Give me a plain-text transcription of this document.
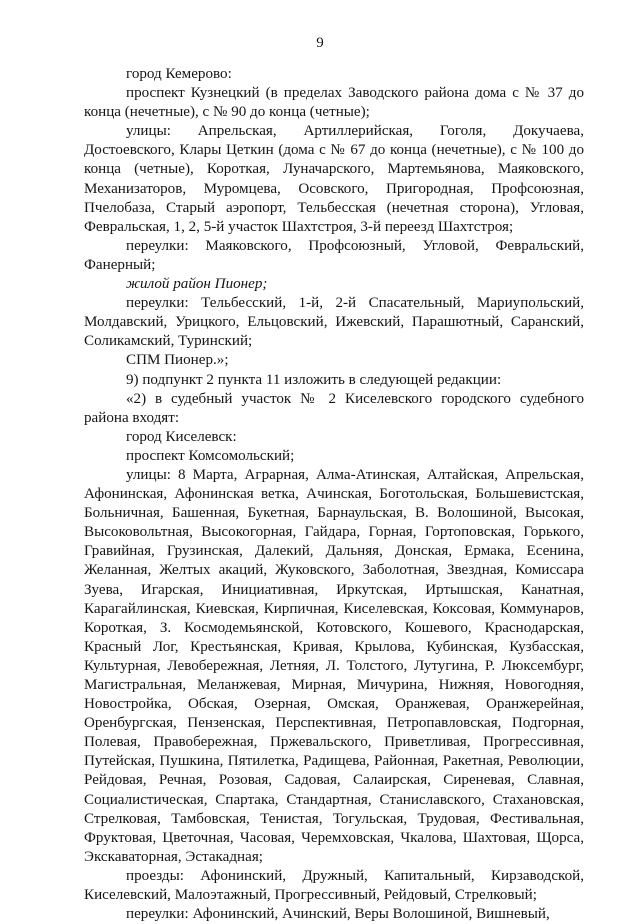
9

город Кемерово:

проспект Кузнецкий (в пределах Заводского района дома с № 37 до конца (нечетные), с № 90 до конца (четные);

улицы: Апрельская, Артиллерийская, Гоголя, Докучаева, Достоевского, Клары Цеткин (дома с № 67 до конца (нечетные), с № 100 до конца (четные), Короткая, Луначарского, Мартемьянова, Маяковского, Механизаторов, Муромцева, Осовского, Пригородная, Профсоюзная, Пчелобаза, Старый аэропорт, Тельбесская (нечетная сторона), Угловая, Февральская, 1, 2, 5-й участок Шахтстроя, 3-й переезд Шахтстроя;

переулки: Маяковского, Профсоюзный, Угловой, Февральский, Фанерный;

жилой район Пионер;

переулки: Тельбесский, 1-й, 2-й Спасательный, Мариупольский, Молдавский, Урицкого, Ельцовский, Ижевский, Парашютный, Саранский, Соликамский, Туринский;

СПМ Пионер.»;

9) подпункт 2 пункта 11 изложить в следующей редакции:

«2) в судебный участок № 2 Киселевского городского судебного района входят:

город Киселевск:

проспект Комсомольский;

улицы: 8 Марта, Аграрная, Алма-Атинская, Алтайская, Апрельская, Афонинская, Афонинская ветка, Ачинская, Боготольская, Большевистская, Больничная, Башенная, Букетная, Барнаульская, В. Волошиной, Высокая, Высоковольтная, Высокогорная, Гайдара, Горная, Гортоповская, Горького, Гравийная, Грузинская, Далекий, Дальняя, Донская, Ермака, Есенина, Желанная, Желтых акаций, Жуковского, Заболотная, Звездная, Комиссара Зуева, Игарская, Инициативная, Иркутская, Иртышская, Канатная, Карагайлинская, Киевская, Кирпичная, Киселевская, Коксовая, Коммунаров, Короткая, З. Космодемьянской, Котовского, Кошевого, Краснодарская, Красный Лог, Крестьянская, Кривая, Крылова, Кубинская, Кузбасская, Культурная, Левобережная, Летняя, Л. Толстого, Лутугина, Р. Люксембург, Магистральная, Меланжевая, Мирная, Мичурина, Нижняя, Новогодняя, Новостройка, Обская, Озерная, Омская, Оранжевая, Оранжерейная, Оренбургская, Пензенская, Перспективная, Петропавловская, Подгорная, Полевая, Правобережная, Пржевальского, Приветливая, Прогрессивная, Путейская, Пушкина, Пятилетка, Радищева, Районная, Ракетная, Революции, Рейдовая, Речная, Розовая, Садовая, Салаирская, Сиреневая, Славная, Социалистическая, Спартака, Стандартная, Станиславского, Стахановская, Стрелковая, Тамбовская, Тенистая, Тогульская, Трудовая, Фестивальная, Фруктовая, Цветочная, Часовая, Черемховская, Чкалова, Шахтовая, Щорса, Экскаваторная, Эстакадная;

проезды: Афонинский, Дружный, Капитальный, Кирзаводской, Киселевский, Малоэтажный, Прогрессивный, Рейдовый, Стрелковый;

переулки: Афонинский, Ачинский, Веры Волошиной, Вишневый,
